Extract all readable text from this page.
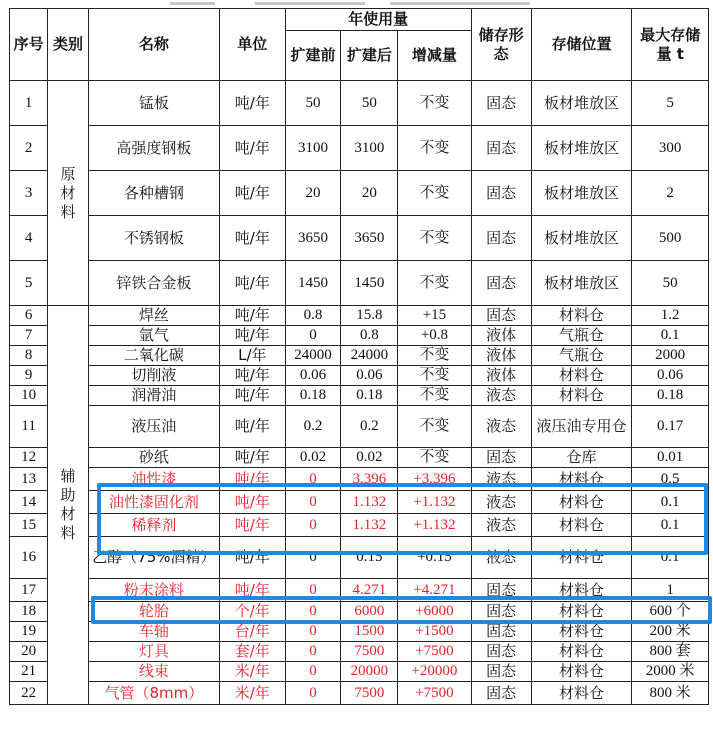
序号	类别	名称	单位	年使用量			储存形态	存储位置	最大存储量 t
				扩建前	扩建后	增减量			
1	原材料	锰板	吨/年	50	50	不变	固态	板材堆放区	5
2		高强度钢板	吨/年	3100	3100	不变	固态	板材堆放区	300
3		各种槽钢	吨/年	20	20	不变	固态	板材堆放区	2
4		不锈钢板	吨/年	3650	3650	不变	固态	板材堆放区	500
5		锌铁合金板	吨/年	1450	1450	不变	固态	板材堆放区	50
6	辅助材料	焊丝	吨/年	0.8	15.8	+15	固态	材料仓	1.2
7		氩气	吨/年	0	0.8	+0.8	液体	气瓶仓	0.1
8		二氧化碳	L/年	24000	24000	不变	液体	气瓶仓	2000
9		切削液	吨/年	0.06	0.06	不变	液体	材料仓	0.06
10		润滑油	吨/年	0.18	0.18	不变	液态	材料仓	0.18
11		液压油	吨/年	0.2	0.2	不变	液态	液压油专用仓	0.17
12		砂纸	吨/年	0.02	0.02	不变	固态	仓库	0.01
13		油性漆	吨/年	0	3.396	+3.396	液态	材料仓	0.5
14		油性漆固化剂	吨/年	0	1.132	+1.132	液态	材料仓	0.1
15		稀释剂	吨/年	0	1.132	+1.132	液态	材料仓	0.1
16		乙醇（75%酒精）	吨/年	0	0.15	+0.15	液态	材料仓	0.1
17		粉末涂料	吨/年	0	4.271	+4.271	固态	材料仓	1
18		轮胎	个/年	0	6000	+6000	固态	材料仓	600 个
19		车轴	台/年	0	1500	+1500	固态	材料仓	200 米
20		灯具	套/年	0	7500	+7500	固态	材料仓	800 套
21		线束	米/年	0	20000	+20000	固态	材料仓	2000 米
22		气管（8mm）	米/年	0	7500	+7500	固态	材料仓	800 米
